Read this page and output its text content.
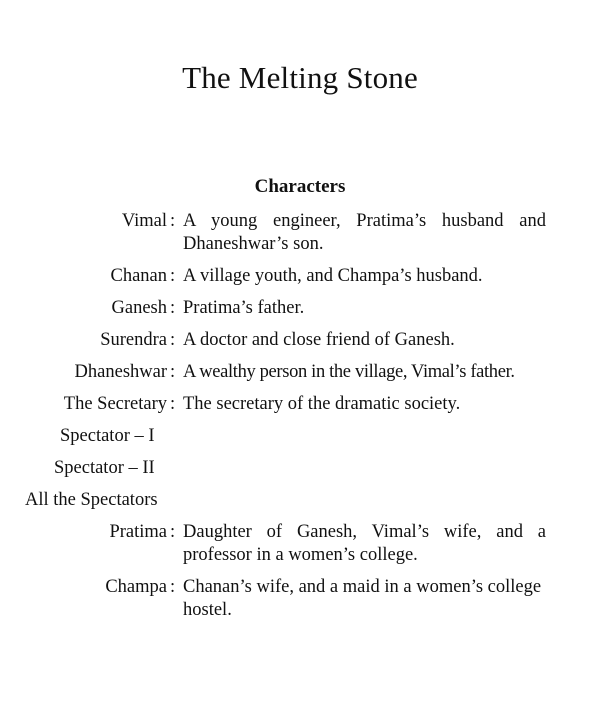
The Melting Stone
Characters
Vimal : A young engineer, Pratima’s husband and Dhaneshwar’s son.
Chanan : A village youth, and Champa’s husband.
Ganesh : Pratima’s father.
Surendra : A doctor and close friend of Ganesh.
Dhaneshwar : A wealthy person in the village, Vimal’s father.
The Secretary : The secretary of the dramatic society.
Spectator – I
Spectator – II
All the Spectators
Pratima : Daughter of Ganesh, Vimal’s wife, and a professor in a women’s college.
Champa : Chanan’s wife, and a maid in a women’s college hostel.
